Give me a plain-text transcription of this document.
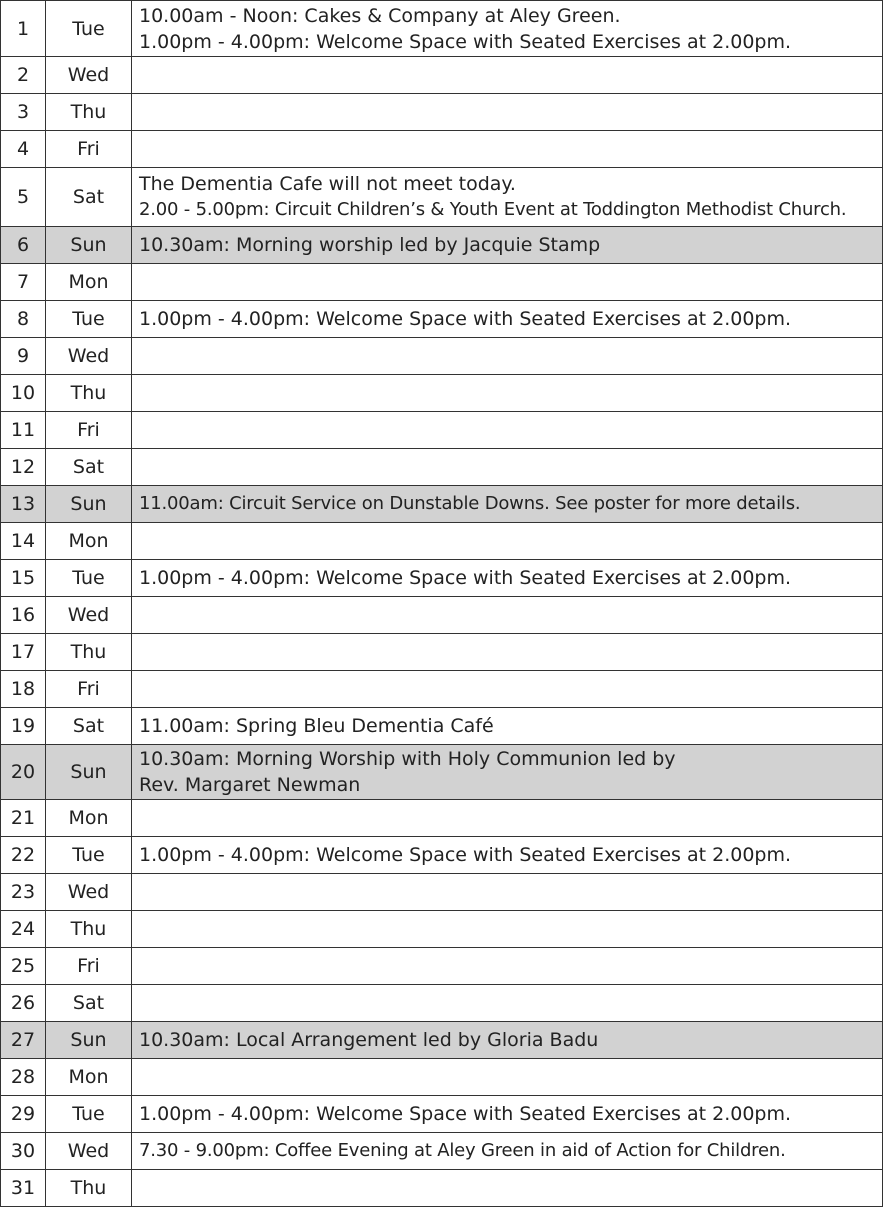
1	Tue	10.00am - Noon: Cakes & Company at Aley Green.
1.00pm - 4.00pm: Welcome Space with Seated Exercises at 2.00pm.

2	Wed	
3	Thu	
4	Fri	
5	Sat	The Dementia Cafe will not meet today.
2.00 - 5.00pm: Circuit Children’s & Youth Event at Toddington Methodist Church.

6	Sun	10.30am: Morning worship led by Jacquie Stamp

7	Mon	
8	Tue	1.00pm - 4.00pm: Welcome Space with Seated Exercises at 2.00pm.

9	Wed	
10	Thu	
11	Fri	
12	Sat	
13	Sun	11.00am: Circuit Service on Dunstable Downs. See poster for more details.

14	Mon	
15	Tue	1.00pm - 4.00pm: Welcome Space with Seated Exercises at 2.00pm.

16	Wed	
17	Thu	
18	Fri	
19	Sat	11.00am: Spring Bleu Dementia Café

20	Sun	10.30am: Morning Worship with Holy Communion led by
Rev. Margaret Newman

21	Mon	
22	Tue	1.00pm - 4.00pm: Welcome Space with Seated Exercises at 2.00pm.

23	Wed	
24	Thu	
25	Fri	
26	Sat	
27	Sun	10.30am: Local Arrangement led by Gloria Badu

28	Mon	
29	Tue	1.00pm - 4.00pm: Welcome Space with Seated Exercises at 2.00pm.

30	Wed	7.30 - 9.00pm: Coffee Evening at Aley Green in aid of Action for Children.

31	Thu	
